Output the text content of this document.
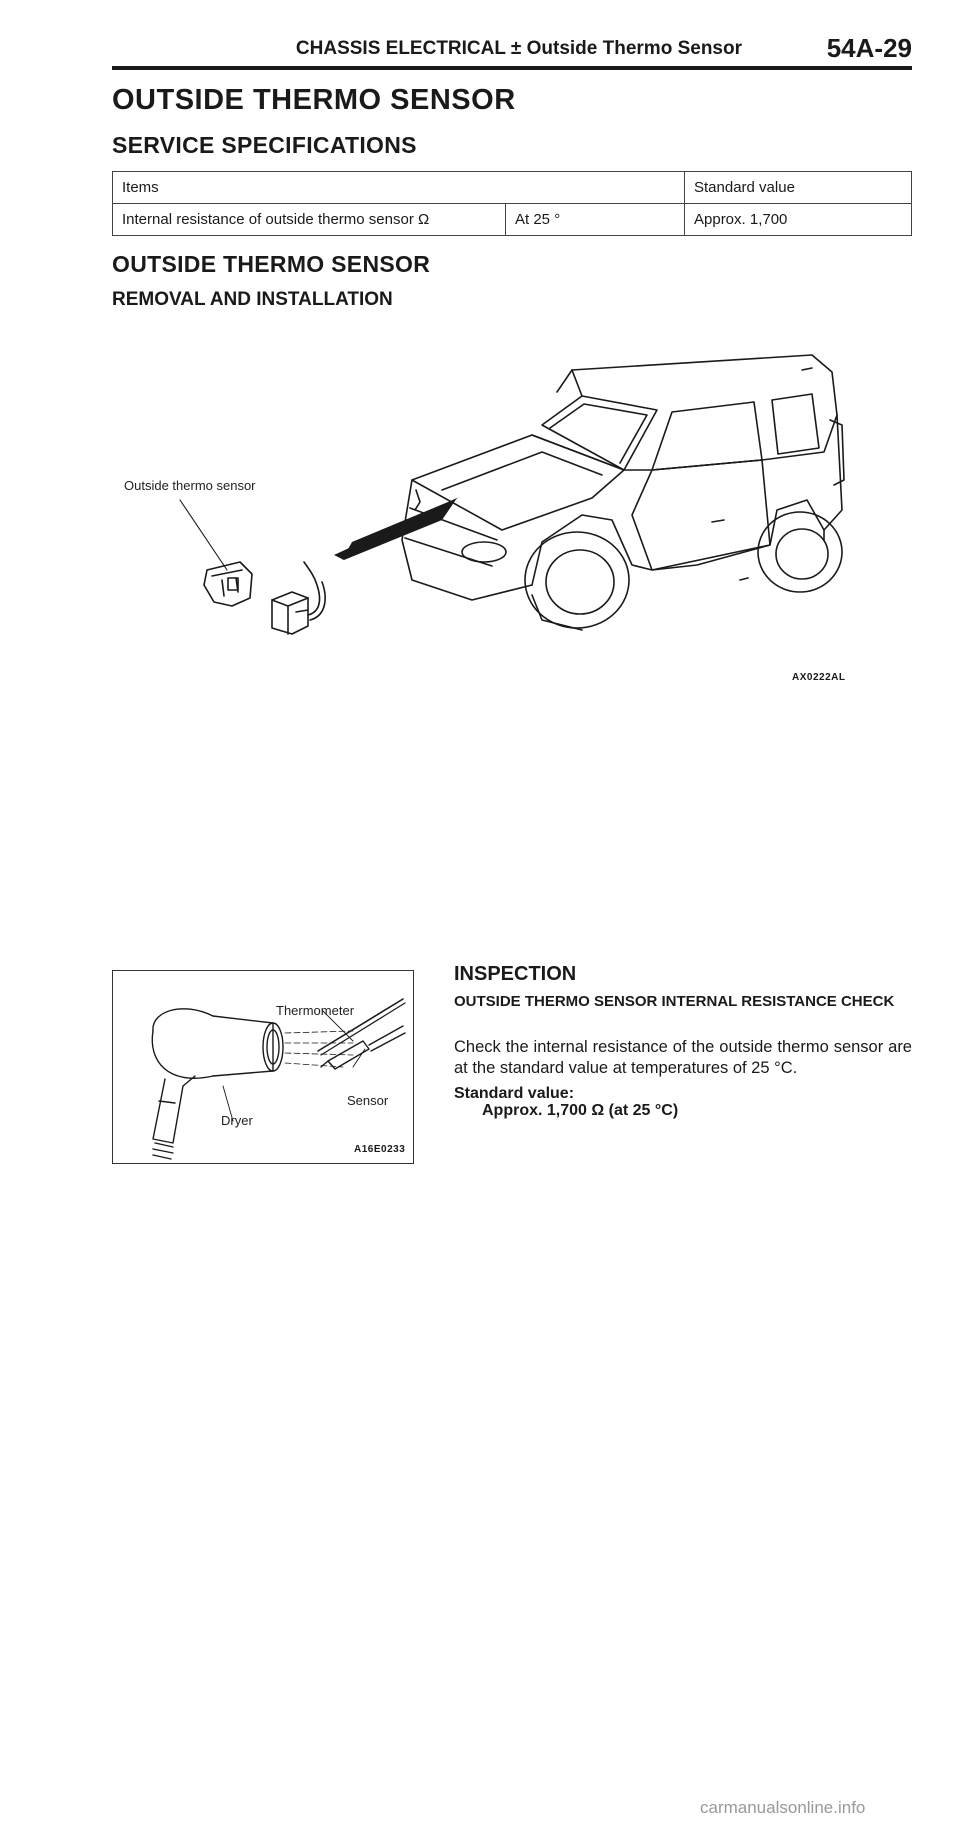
CHASSIS ELECTRICAL ± Outside Thermo Sensor	54A-29
OUTSIDE THERMO SENSOR
SERVICE SPECIFICATIONS
Items		Standard value
Internal resistance of outside thermo sensor Ω	At 25 °	Approx. 1,700
OUTSIDE THERMO SENSOR
REMOVAL AND INSTALLATION
Outside thermo sensor
AX0222AL
Thermometer
Sensor
Dryer
A16E0233
INSPECTION
OUTSIDE THERMO SENSOR INTERNAL RESISTANCE CHECK
Check the internal resistance of the outside thermo sensor are at the standard value at temperatures of 25 °C.
Standard value:
Approx. 1,700 Ω (at 25 °C)
carmanualsonline.info
